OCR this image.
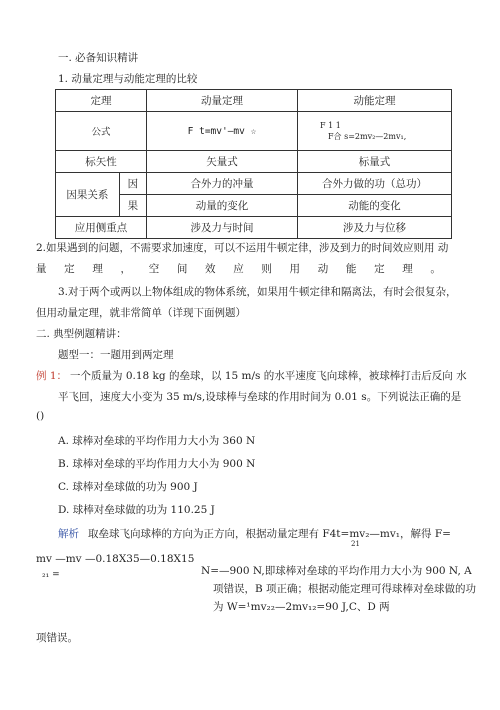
一. 必备知识精讲
1. 动量定理与动能定理的比较
定理		动量定理	动能定理
公式		F t=mv'—mv ☆	F 1 1
F合 s=2mv₂—2mv₁,

标矢性		矢量式	标量式
因果关系	因	合外力的冲量	合外力做的功（总功）
	果	动量的变化	动能的变化
应用侧重点		涉及力与时间	涉及力与位移
2.如果遇到的问题，不需要求加速度，可以不运用牛顿定律，涉及到力的时间效应则用 动
量 定 理 ， 空 间 效 应 则 用 动 能 定 理 。
3.对于两个或两以上物体组成的物体系统，如果用牛顿定律和隔离法，有时会很复杂，
但用动量定理，就非常简单（详现下面例题）
二. 典型例题精讲：
题型一：一题用到两定理
例 1： 一个质量为 0.18 kg 的垒球，以 15 m/s 的水平速度飞向球棒，被球棒打击后反向 水
平飞回，速度大小变为 35 m/s,设球棒与垒球的作用时间为 0.01 s。下列说法正确的是
()
A. 球棒对垒球的平均作用力大小为 360 N
B. 球棒对垒球的平均作用力大小为 900 N
C. 球棒对垒球做的功为 900 J
D. 球棒对垒球做的功为 110.25 J
解析 取垒球飞向球棒的方向为正方向，根据动量定理有 F4t=mv₂—mv₁，解得 F=
21
mv —mv —0.18X35—0.18X15
₂₁ =	N=—900 N,即球棒对垒球的平均作用力大小为 900 N, A
项错误，B 项正确；根据动能定理可得球棒对垒球做的功
为 W=¹mv₂₂—2mv₁₂=90 J,C、D 两
项错误。
